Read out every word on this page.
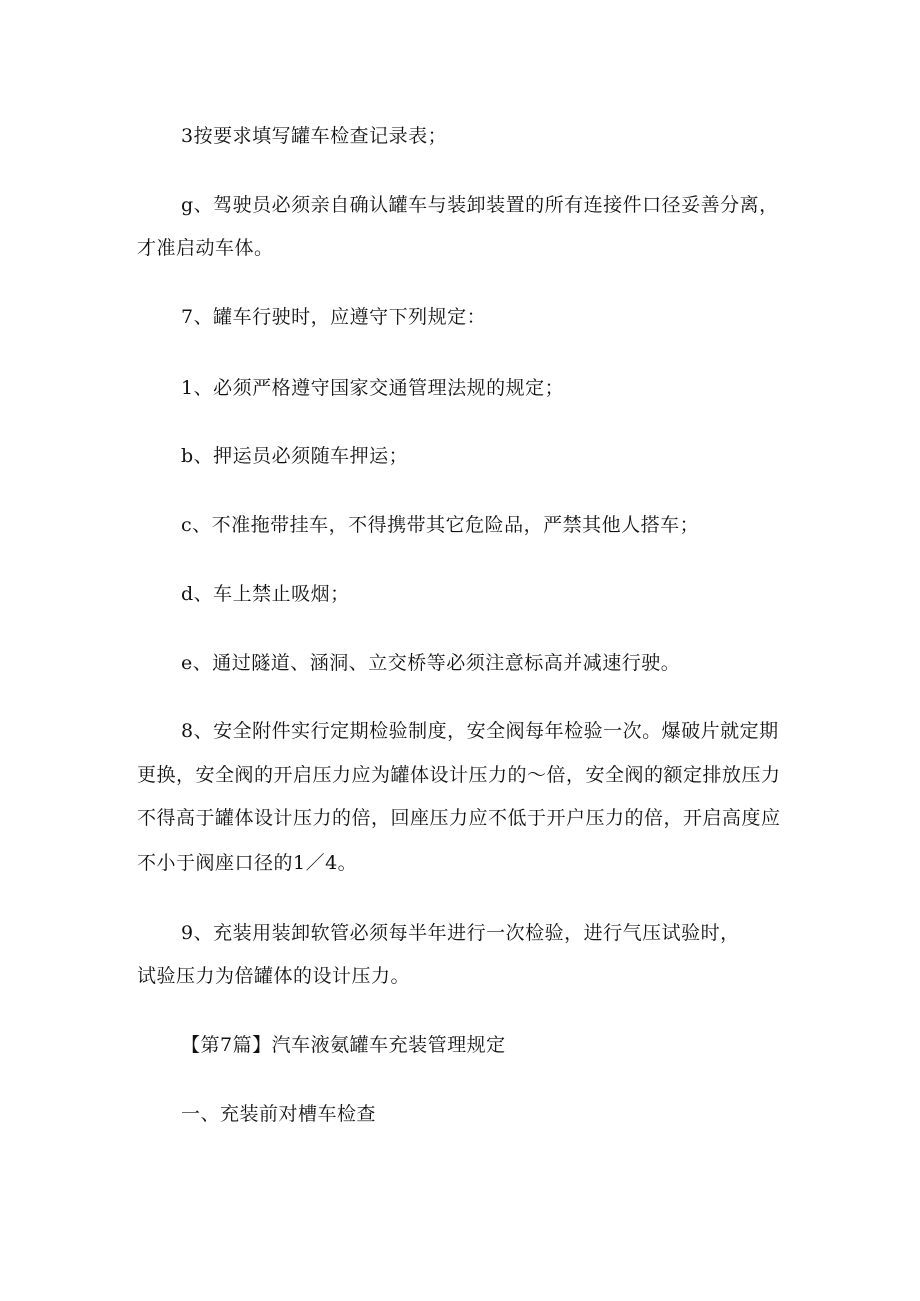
3按要求填写罐车检查记录表；
g、驾驶员必须亲自确认罐车与装卸装置的所有连接件口径妥善分离，
才准启动车体。
7、罐车行驶时，应遵守下列规定：
1、必须严格遵守国家交通管理法规的规定；
b、押运员必须随车押运；
c、不准拖带挂车，不得携带其它危险品，严禁其他人搭车；
d、车上禁止吸烟；
e、通过隧道、涵洞、立交桥等必须注意标高并减速行驶。
8、安全附件实行定期检验制度，安全阀每年检验一次。爆破片就定期
更换，安全阀的开启压力应为罐体设计压力的～倍，安全阀的额定排放压力
不得高于罐体设计压力的倍，回座压力应不低于开户压力的倍，开启高度应
不小于阀座口径的1／4。
9、充装用装卸软管必须每半年进行一次检验，进行气压试验时，
试验压力为倍罐体的设计压力。
【第7篇】汽车液氨罐车充装管理规定
一、充装前对槽车检查
